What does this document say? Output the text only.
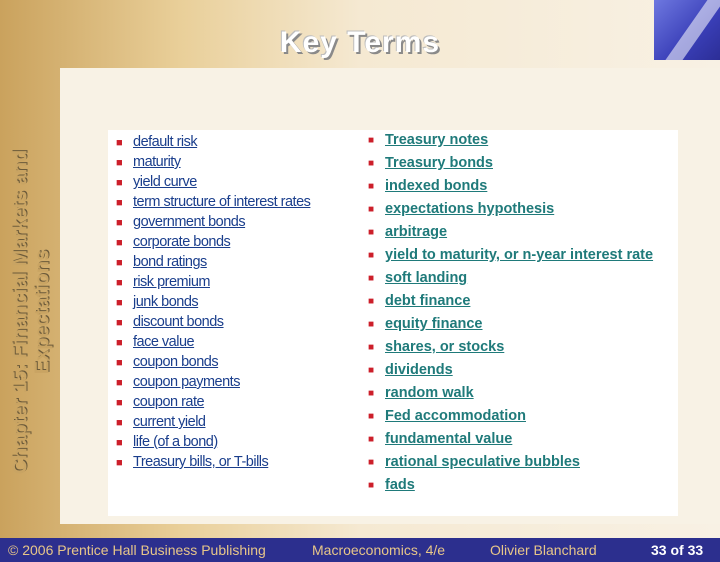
Key Terms
Chapter 15: Financial Markets and Expectations
■ default risk
■ maturity
■ yield curve
■ term structure of interest rates
■ government bonds
■ corporate bonds
■ bond ratings
■ risk premium
■ junk bonds
■ discount bonds
■ face value
■ coupon bonds
■ coupon payments
■ coupon rate
■ current yield
■ life (of a bond)
■ Treasury bills, or T-bills
■ Treasury notes
■ Treasury bonds
■ indexed bonds
■ expectations hypothesis
■ arbitrage
■ yield to maturity, or n-year interest rate
■ soft landing
■ debt finance
■ equity finance
■ shares, or stocks
■ dividends
■ random walk
■ Fed accommodation
■ fundamental value
■ rational speculative bubbles
■ fads
© 2006 Prentice Hall Business Publishing	Macroeconomics, 4/e	Olivier Blanchard	33 of 33
